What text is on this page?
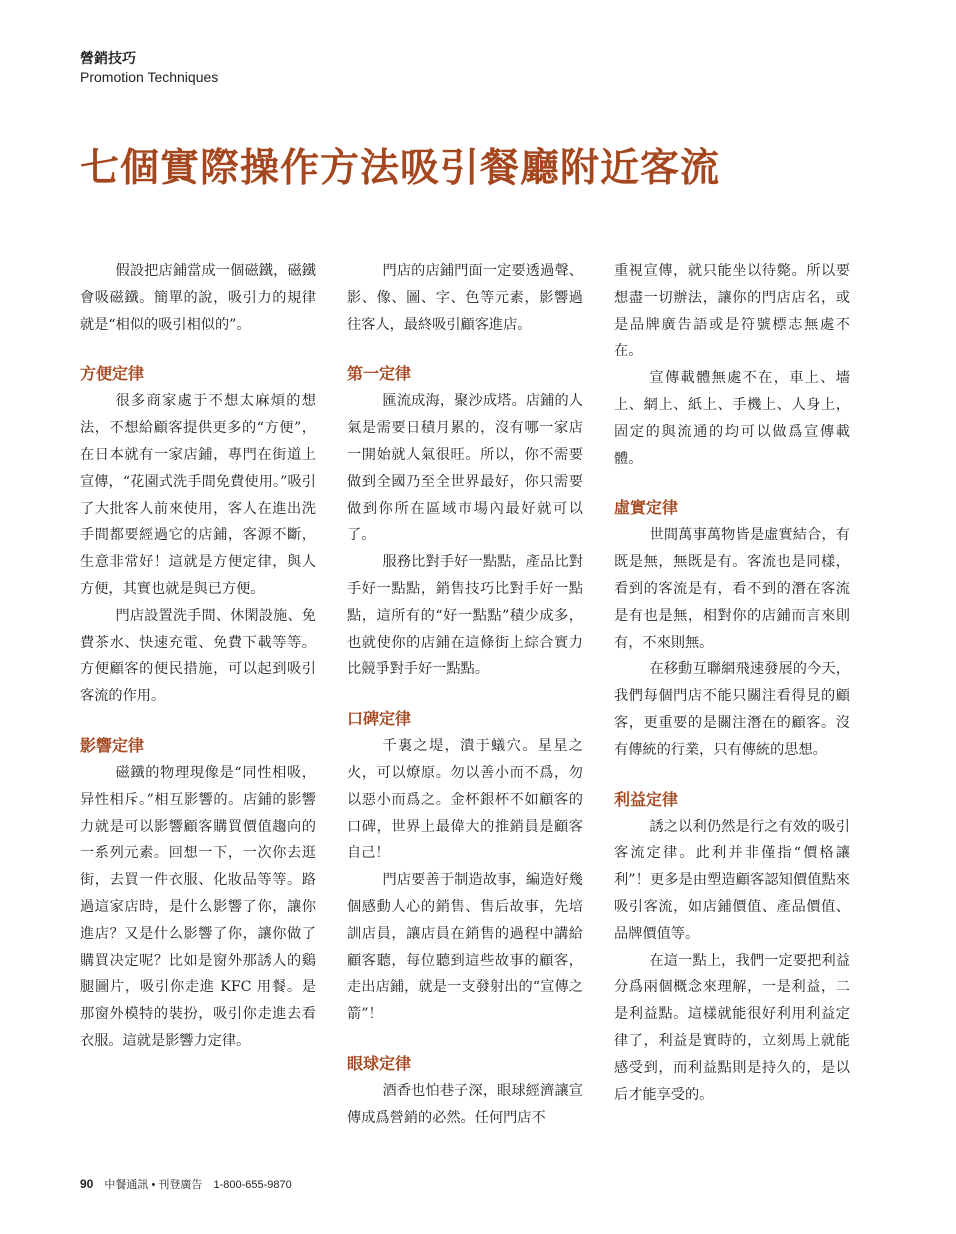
營銷技巧
Promotion Techniques
七個實際操作方法吸引餐廳附近客流

假設把店鋪當成一個磁鐵，磁鐵會吸磁鐵。簡單的說，吸引力的規律就是“相似的吸引相似的”。

方便定律

很多商家處于不想太麻煩的想法，不想給顧客提供更多的“方便”，在日本就有一家店鋪，專門在街道上宣傳，“花園式洗手間免費使用。”吸引了大批客人前來使用，客人在進出洗手間都要經過它的店鋪，客源不斷，生意非常好！這就是方便定律，與人方便，其實也就是與已方便。

門店設置洗手間、休閑設施、免費茶水、快速充電、免費下載等等。方便顧客的便民措施，可以起到吸引客流的作用。

影響定律

磁鐵的物理現像是“同性相吸，异性相斥。”相互影響的。店鋪的影響力就是可以影響顧客購買價值趨向的一系列元素。回想一下，一次你去逛街，去買一件衣服、化妝品等等。路過這家店時，是什么影響了你，讓你進店？又是什么影響了你，讓你做了購買决定呢？比如是窗外那誘人的鷄腿圖片，吸引你走進 KFC 用餐。是那窗外模特的裝扮，吸引你走進去看衣服。這就是影響力定律。

門店的店鋪門面一定要透過聲、影、像、圖、字、色等元素，影響過往客人，最終吸引顧客進店。

第一定律

匯流成海，聚沙成塔。店鋪的人氣是需要日積月累的，沒有哪一家店一開始就人氣很旺。所以，你不需要做到全國乃至全世界最好，你只需要做到你所在區域市場內最好就可以了。

服務比對手好一點點，產品比對手好一點點，銷售技巧比對手好一點點，這所有的“好一點點”積少成多，也就使你的店鋪在這條街上綜合實力比競爭對手好一點點。

口碑定律

千裏之堤，潰于蟻穴。星星之火，可以燎原。勿以善小而不爲，勿以惡小而爲之。金杯銀杯不如顧客的口碑，世界上最偉大的推銷員是顧客自己！

門店要善于制造故事，編造好幾個感動人心的銷售、售后故事，先培訓店員，讓店員在銷售的過程中講給顧客聽，每位聽到這些故事的顧客，走出店鋪，就是一支發射出的“宣傳之箭”！

眼球定律

酒香也怕巷子深，眼球經濟讓宣傳成爲營銷的必然。任何門店不

重視宣傳，就只能坐以待斃。所以要想盡一切辦法，讓你的門店店名，或是品牌廣告語或是符號標志無處不在。

宣傳載體無處不在，車上、墻上、網上、紙上、手機上、人身上，固定的與流通的均可以做爲宣傳載體。

虛實定律

世間萬事萬物皆是虛實結合，有既是無，無既是有。客流也是同樣，看到的客流是有，看不到的潛在客流是有也是無，相對你的店鋪而言來則有，不來則無。

在移動互聯網飛速發展的今天，我們每個門店不能只關注看得見的顧客，更重要的是關注潛在的顧客。沒有傳統的行業，只有傳統的思想。

利益定律

誘之以利仍然是行之有效的吸引客流定律。此利并非僅指“價格讓利”！更多是由塑造顧客認知價值點來吸引客流，如店鋪價值、產品價值、品牌價值等。

在這一點上，我們一定要把利益分爲兩個概念來理解，一是利益，二是利益點。這樣就能很好利用利益定律了，利益是實時的，立刻馬上就能感受到，而利益點則是持久的，是以后才能享受的。

90 中餐通訊 • 刊登廣告 1-800-655-9870
